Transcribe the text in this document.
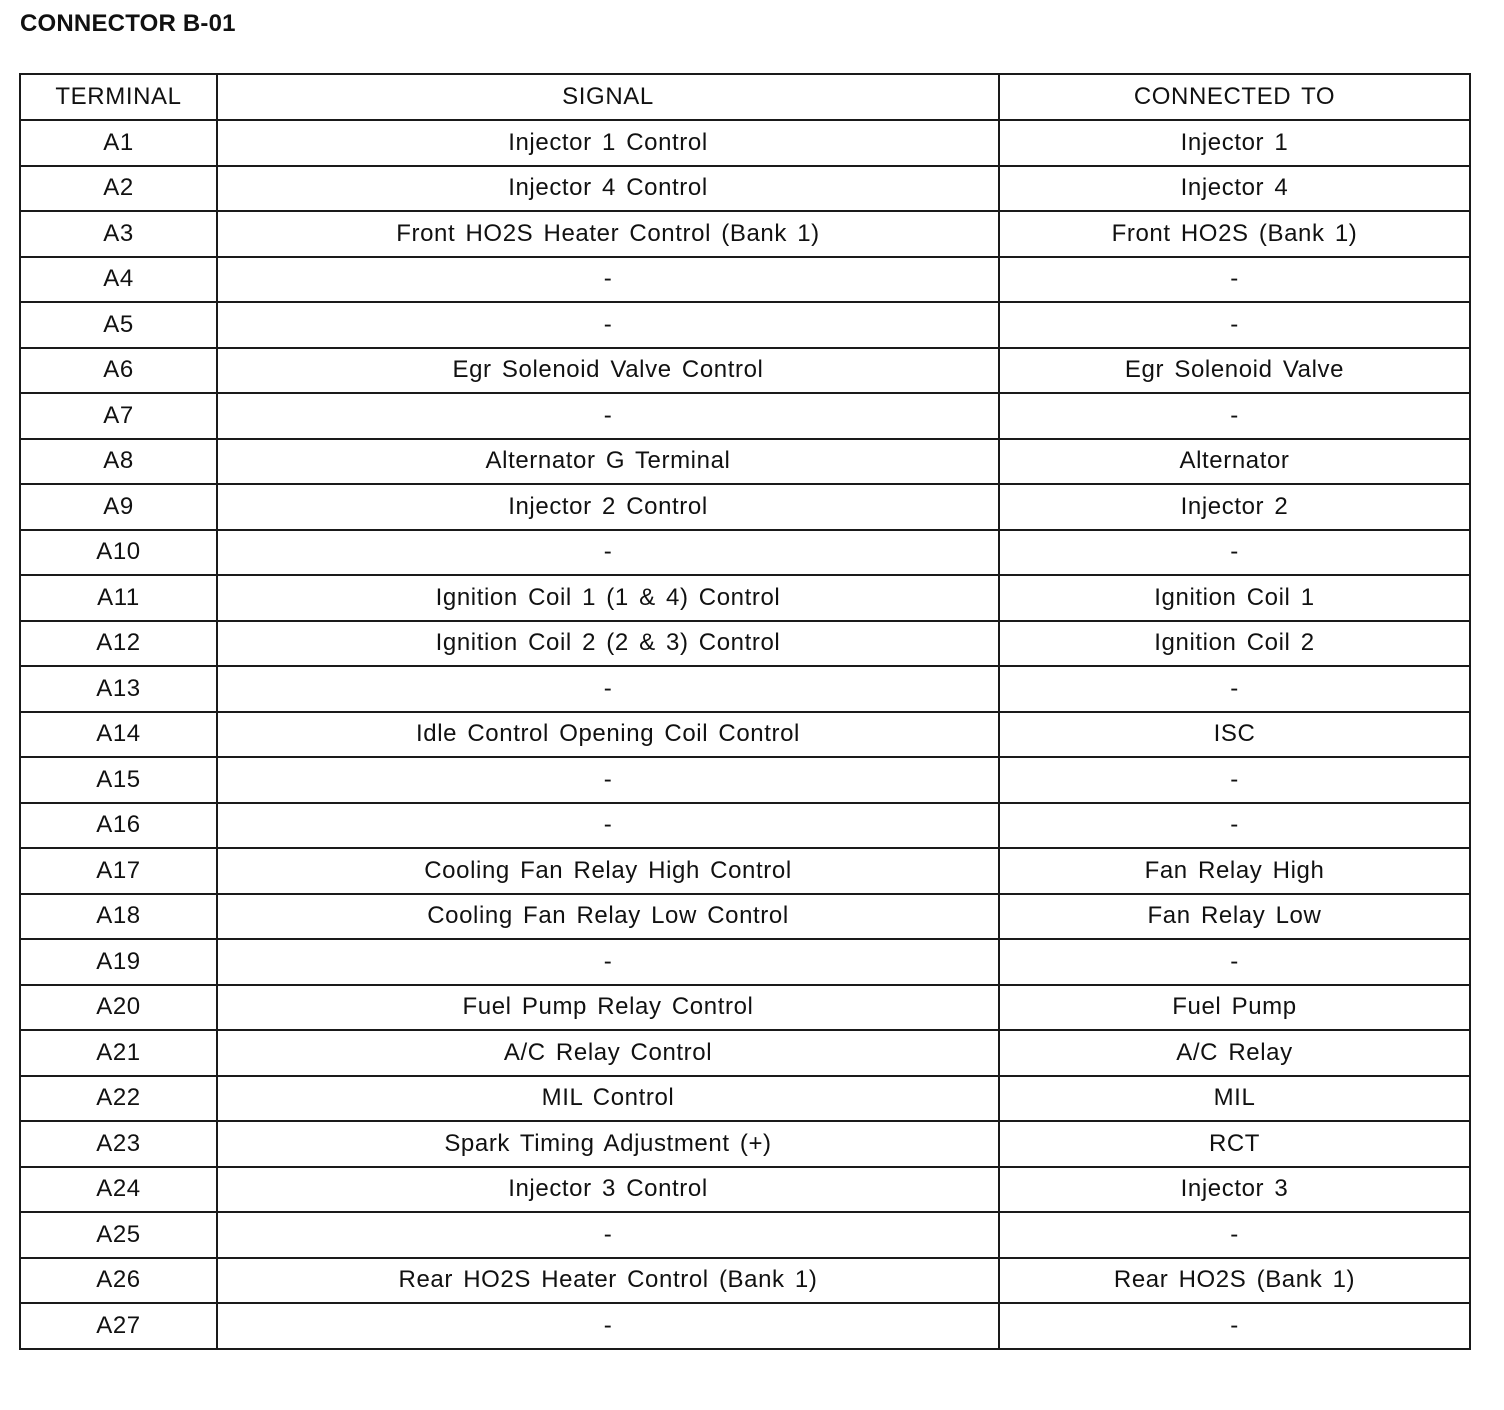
CONNECTOR B-01
TERMINAL	SIGNAL	CONNECTED TO
A1	Injector 1 Control	Injector 1
A2	Injector 4 Control	Injector 4
A3	Front HO2S Heater Control (Bank 1)	Front HO2S (Bank 1)
A4	-	-
A5	-	-
A6	Egr Solenoid Valve Control	Egr Solenoid Valve
A7	-	-
A8	Alternator G Terminal	Alternator
A9	Injector 2 Control	Injector 2
A10	-	-
A11	Ignition Coil 1 (1 & 4) Control	Ignition Coil 1
A12	Ignition Coil 2 (2 & 3) Control	Ignition Coil 2
A13	-	-
A14	Idle Control Opening Coil Control	ISC
A15	-	-
A16	-	-
A17	Cooling Fan Relay High Control	Fan Relay High
A18	Cooling Fan Relay Low Control	Fan Relay Low
A19	-	-
A20	Fuel Pump Relay Control	Fuel Pump
A21	A/C Relay Control	A/C Relay
A22	MIL Control	MIL
A23	Spark Timing Adjustment (+)	RCT
A24	Injector 3 Control	Injector 3
A25	-	-
A26	Rear HO2S Heater Control (Bank 1)	Rear HO2S (Bank 1)
A27	-	-
